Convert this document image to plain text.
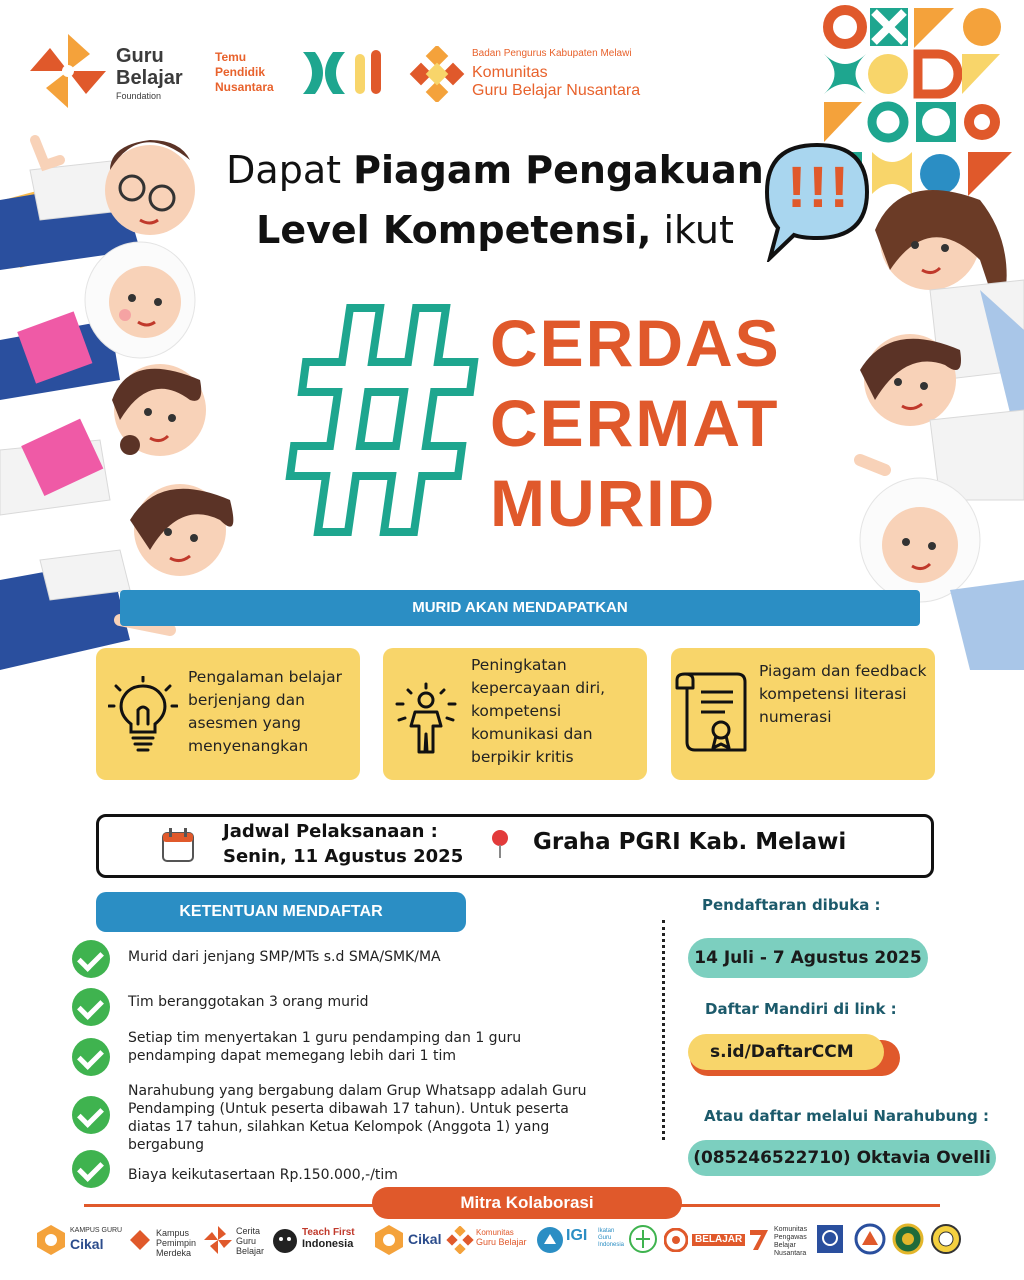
Guru
Belajar
Foundation
Temu
Pendidik
Nusantara
Badan Pengurus Kabupaten Melawi
Komunitas
Guru Belajar Nusantara
Dapat Piagam Pengakuan
Level Kompetensi, ikut
!!!
CERDAS
CERMAT
MURID
MURID AKAN MENDAPATKAN
Pengalaman belajar berjenjang dan asesmen yang menyenangkan
Peningkatan kepercayaan diri, kompetensi komunikasi dan berpikir kritis
Piagam dan feedback kompetensi literasi numerasi
Jadwal Pelaksanaan :
Senin, 11 Agustus 2025
Graha PGRI Kab. Melawi
KETENTUAN MENDAFTAR
Murid dari jenjang SMP/MTs s.d SMA/SMK/MA
Tim beranggotakan 3 orang murid
Setiap tim menyertakan 1 guru pendamping dan 1 guru pendamping dapat memegang lebih dari 1 tim
Narahubung yang bergabung dalam Grup Whatsapp adalah Guru Pendamping (Untuk peserta dibawah 17 tahun). Untuk peserta diatas 17 tahun, silahkan Ketua Kelompok (Anggota 1) yang bergabung
Biaya keikutasertaan Rp.150.000,-/tim
Pendaftaran dibuka :
14 Juli - 7 Agustus 2025
Daftar Mandiri di link :
s.id/DaftarCCM
Atau daftar melalui Narahubung :
(085246522710) Oktavia Ovelli
Mitra Kolaborasi
KAMPUS GURU
Cikal
Kampus
Pemimpin Merdeka
Cerita
Guru Belajar
Teach First
Indonesia	Cikal	Komunitas
Guru Belajar IGI Ikatan Guru Indonesia	BELAJAR
Komunitas
Pengawas Belajar Nusantara
